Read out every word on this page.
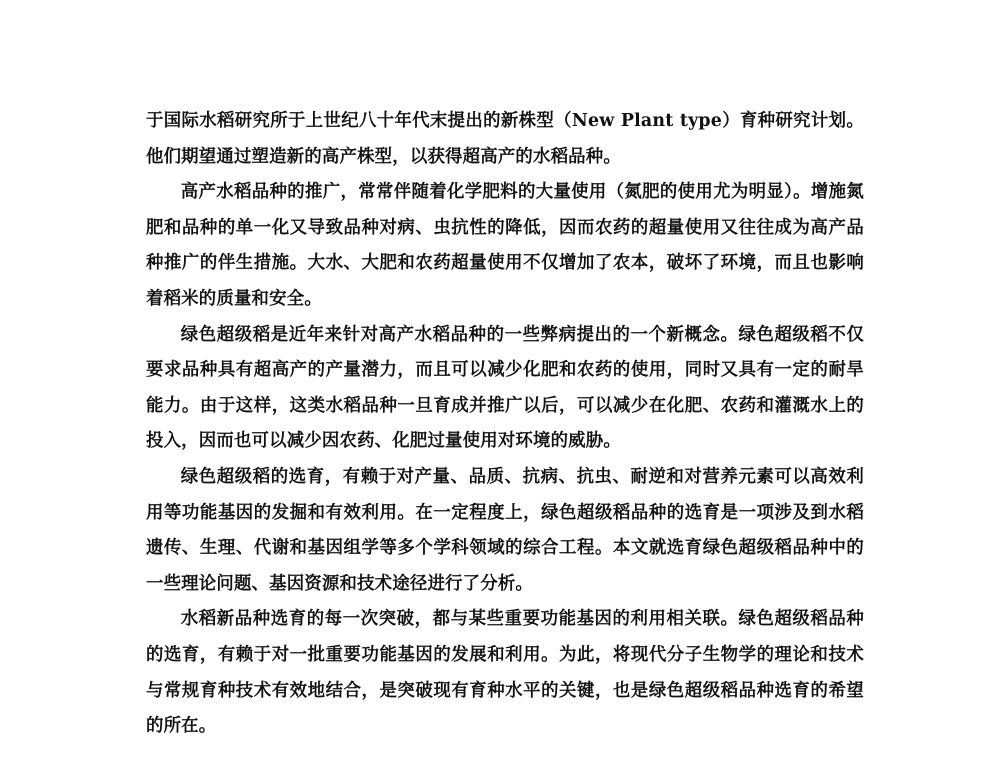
于国际水稻研究所于上世纪八十年代末提出的新株型（New Plant type）育种研究计划。他们期望通过塑造新的高产株型，以获得超高产的水稻品种。

高产水稻品种的推广，常常伴随着化学肥料的大量使用（氮肥的使用尤为明显）。增施氮肥和品种的单一化又导致品种对病、虫抗性的降低，因而农药的超量使用又往往成为高产品种推广的伴生措施。大水、大肥和农药超量使用不仅增加了农本，破坏了环境，而且也影响着稻米的质量和安全。

绿色超级稻是近年来针对高产水稻品种的一些弊病提出的一个新概念。绿色超级稻不仅要求品种具有超高产的产量潜力，而且可以减少化肥和农药的使用，同时又具有一定的耐旱能力。由于这样，这类水稻品种一旦育成并推广以后，可以减少在化肥、农药和灌溉水上的投入，因而也可以减少因农药、化肥过量使用对环境的威胁。

绿色超级稻的选育，有赖于对产量、品质、抗病、抗虫、耐逆和对营养元素可以高效利用等功能基因的发掘和有效利用。在一定程度上，绿色超级稻品种的选育是一项涉及到水稻遗传、生理、代谢和基因组学等多个学科领域的综合工程。本文就选育绿色超级稻品种中的一些理论问题、基因资源和技术途径进行了分析。

水稻新品种选育的每一次突破，都与某些重要功能基因的利用相关联。绿色超级稻品种的选育，有赖于对一批重要功能基因的发展和利用。为此，将现代分子生物学的理论和技术与常规育种技术有效地结合，是突破现有育种水平的关键，也是绿色超级稻品种选育的希望的所在。
